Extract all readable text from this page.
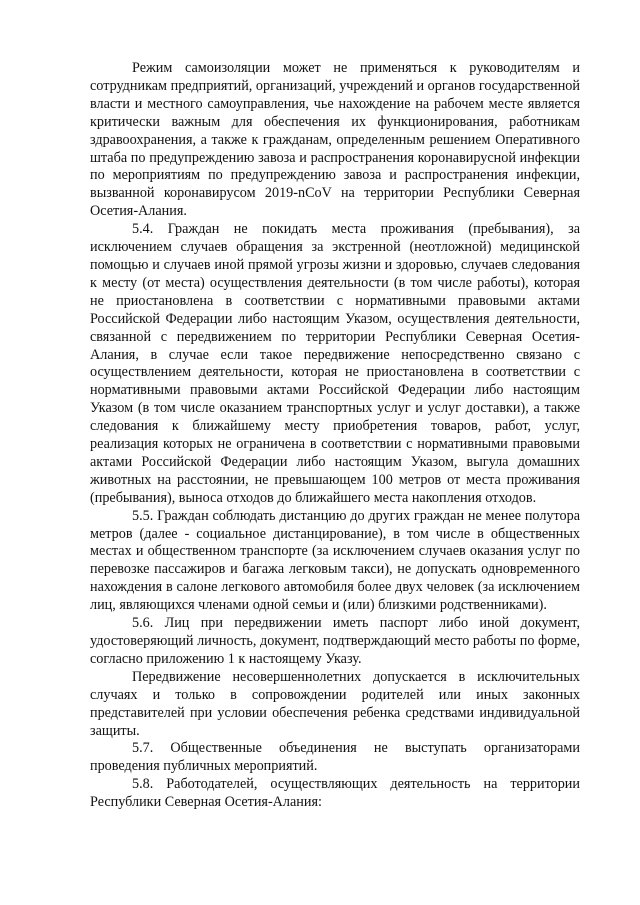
Режим самоизоляции может не применяться к руководителям и сотрудникам предприятий, организаций, учреждений и органов государственной власти и местного самоуправления, чье нахождение на рабочем месте является критически важным для обеспечения их функционирования, работникам здравоохранения, а также к гражданам, определенным решением Оперативного штаба по предупреждению завоза и распространения коронавирусной инфекции по мероприятиям по предупреждению завоза и распространения инфекции, вызванной коронавирусом 2019-nCoV на территории Республики Северная Осетия-Алания.

5.4. Граждан не покидать места проживания (пребывания), за исключением случаев обращения за экстренной (неотложной) медицинской помощью и случаев иной прямой угрозы жизни и здоровью, случаев следования к месту (от места) осуществления деятельности (в том числе работы), которая не приостановлена в соответствии с нормативными правовыми актами Российской Федерации либо настоящим Указом, осуществления деятельности, связанной с передвижением по территории Республики Северная Осетия-Алания, в случае если такое передвижение непосредственно связано с осуществлением деятельности, которая не приостановлена в соответствии с нормативными правовыми актами Российской Федерации либо настоящим Указом (в том числе оказанием транспортных услуг и услуг доставки), а также следования к ближайшему месту приобретения товаров, работ, услуг, реализация которых не ограничена в соответствии с нормативными правовыми актами Российской Федерации либо настоящим Указом, выгула домашних животных на расстоянии, не превышающем 100 метров от места проживания (пребывания), выноса отходов до ближайшего места накопления отходов.

5.5. Граждан соблюдать дистанцию до других граждан не менее полутора метров (далее - социальное дистанцирование), в том числе в общественных местах и общественном транспорте (за исключением случаев оказания услуг по перевозке пассажиров и багажа легковым такси), не допускать одновременного нахождения в салоне легкового автомобиля более двух человек (за исключением лиц, являющихся членами одной семьи и (или) близкими родственниками).

5.6. Лиц при передвижении иметь паспорт либо иной документ, удостоверяющий личность, документ, подтверждающий место работы по форме, согласно приложению 1 к настоящему Указу.

Передвижение несовершеннолетних допускается в исключительных случаях и только в сопровождении родителей или иных законных представителей при условии обеспечения ребенка средствами индивидуальной защиты.

5.7. Общественные объединения не выступать организаторами проведения публичных мероприятий.

5.8. Работодателей, осуществляющих деятельность на территории Республики Северная Осетия-Алания:
